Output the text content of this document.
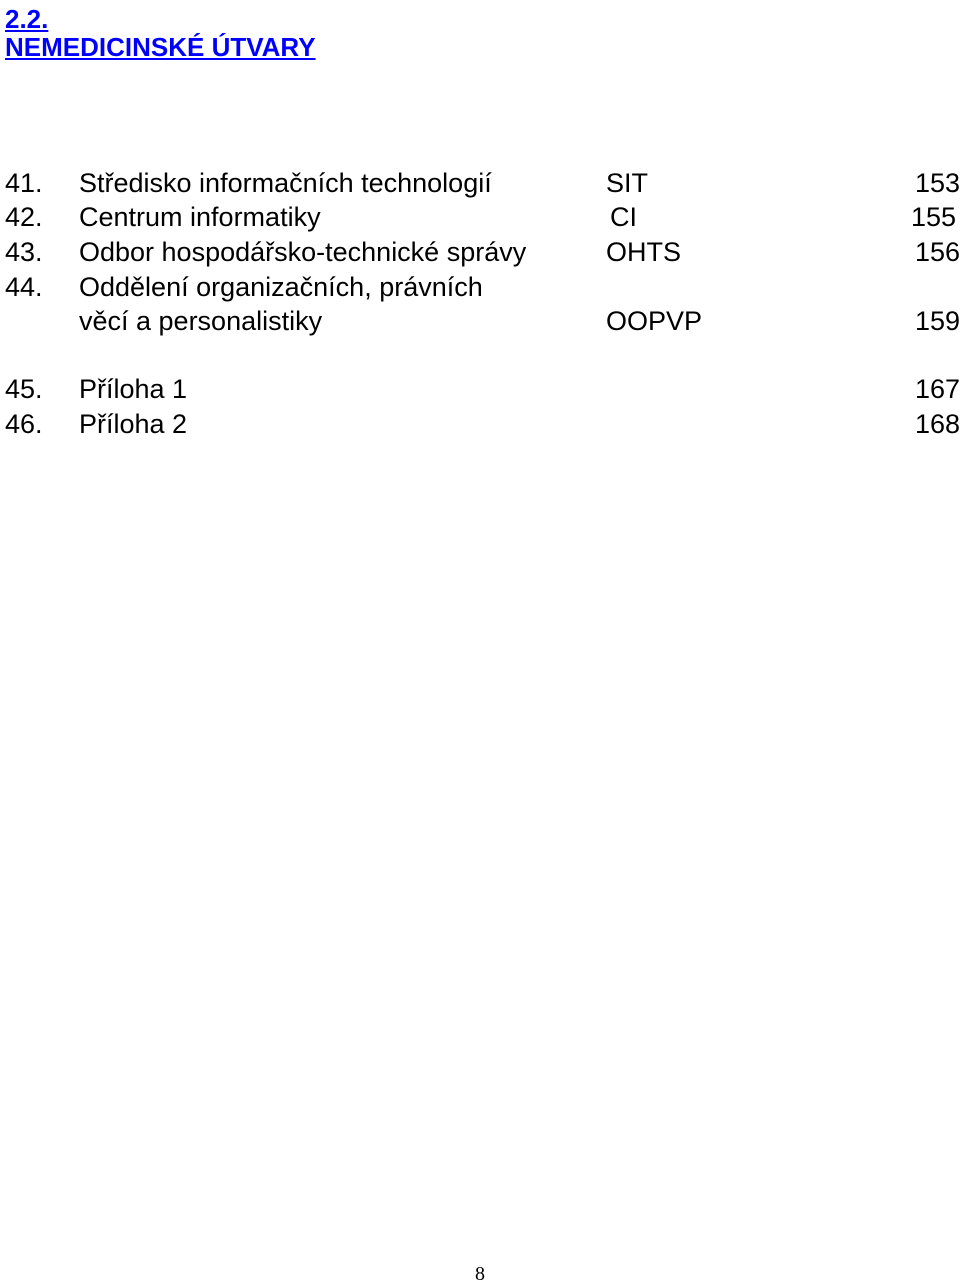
2.2.
NEMEDICINSKÉ ÚTVARY
41. Středisko informačních technologií	SIT	153
42. Centrum informatiky	CI	155
43. Odbor hospodářsko-technické správy	OHTS	156
44. Oddělení organizačních, právních
věcí a personalistiky	OOPVP	159
45. Příloha 1	167
46. Příloha 2	168
8
